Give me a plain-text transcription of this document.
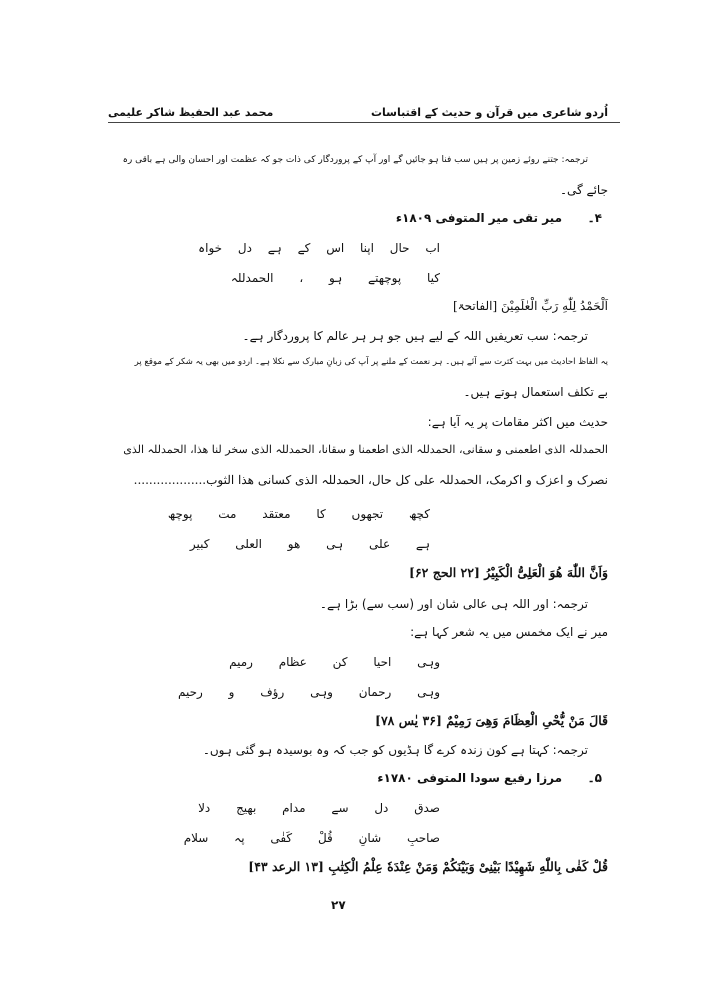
اُردو شاعری میں قرآن و حدیث کے اقتباسات
محمد عبد الحفیظ شاکر علیمی
ترجمہ: جتنے روئے زمین پر ہیں سب فنا ہو جائیں گے اور آپ کے پروردگار کی ذات جو کہ عظمت اور احسان والی ہے باقی رہ
جائے گی۔
۴۔
میر تقی میر المتوفی ۱۸۰۹ء
اب حال اپنا اس کے ہے دل خواہ
کیا پوچھتے ہو ، الحمدللہ
اَلْحَمْدُ لِلّٰهِ رَبِّ الْعٰلَمِیْنَ [الفاتحۃ]
ترجمہ: سب تعریفیں اللہ کے لیے ہیں جو ہر ہر عالم کا پروردگار ہے۔
یہ الفاظ احادیث میں بہت کثرت سے آئے ہیں۔ ہر نعمت کے ملنے پر آپ کی زبانِ مبارک سے نکلا ہے۔ اردو میں بھی یہ شکر کے موقع پر
بے تکلف استعمال ہوتے ہیں۔
حدیث میں اکثر مقامات پر یہ آیا ہے:
الحمدللہ الذی اطعمنی و سقانی، الحمدللہ الذی اطعمنا و سقانا، الحمدللہ الذی سخر لنا ھذا، الحمدللہ الذی
نصرک و اعزک و اکرمک، الحمدللہ علی کل حال، الحمدللہ الذی کسانی ھذا الثوب...................
کچھ تجھوں کا معتقد مت پوچھ
ہے علی ہی ھو العلی کبیر
وَاَنَّ اللّٰهَ هُوَ الْعَلِیُّ الْكَبِیْرُ [۲۲ الحج ۶۲]
ترجمہ: اور اللہ ہی عالی شان اور (سب سے) بڑا ہے۔
میر نے ایک مخمس میں یہ شعر کہا ہے:
وہی احیا کن عظام رمیم
وہی رحمان وہی رؤف و رحیم
قَالَ مَنْ یُّحْیِ الْعِظَامَ وَهِیَ رَمِیْمٌ [۳۶ یٰس ۷۸]
ترجمہ: کہتا ہے کون زندہ کرے گا ہڈیوں کو جب کہ وہ بوسیدہ ہو گئی ہوں۔
۵۔
مرزا رفیع سودا المتوفی ۱۷۸۰ء
صدق دل سے مدام بھیج دلا
صاحبِ شانِ قُلْ کَفٰی پہ سلام
قُلْ كَفٰی بِاللّٰهِ شَهِیْدًا بَیْنِیْ وَبَیْنَكُمْ وَمَنْ عِنْدَهٗ عِلْمُ الْكِتٰبِ [۱۳ الرعد ۴۳]
۲۷
